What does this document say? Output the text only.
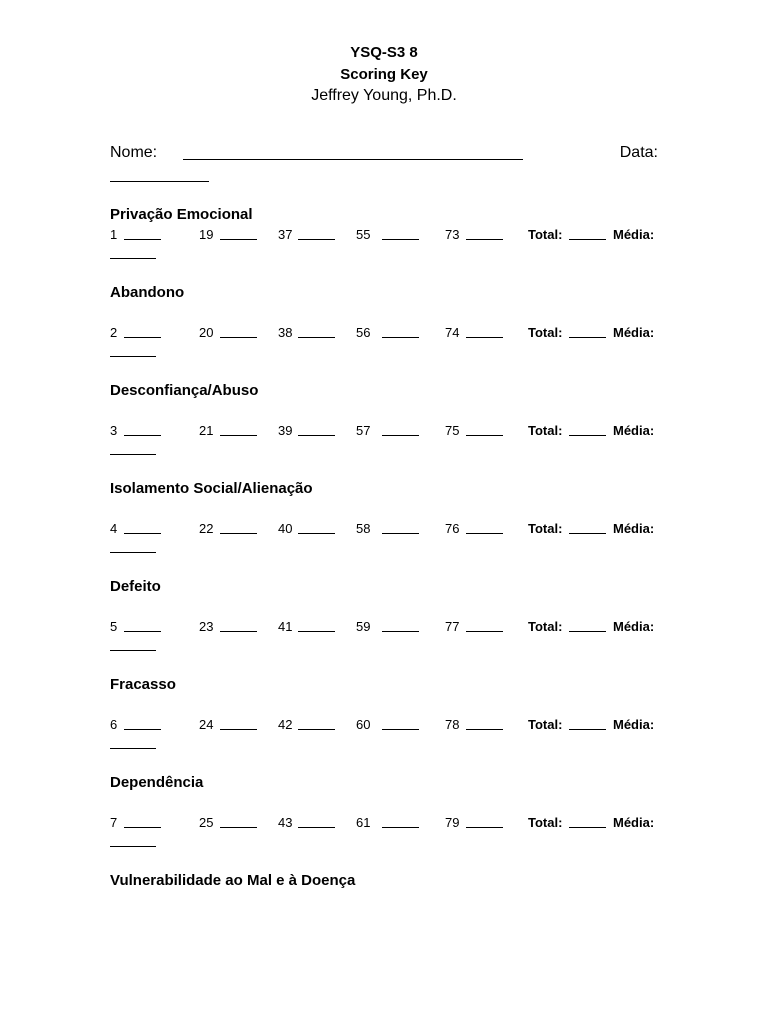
YSQ-S3 8
Scoring Key
Jeffrey Young, Ph.D.
Nome:	Data:
Privação Emocional
1	19	37	55	73	Total:	Média:
Abandono
2	20	38	56	74	Total:	Média:
Desconfiança/Abuso
3	21	39	57	75	Total:	Média:
Isolamento Social/Alienação
4	22	40	58	76	Total:	Média:
Defeito
5	23	41	59	77	Total:	Média:
Fracasso
6	24	42	60	78	Total:	Média:
Dependência
7	25	43	61	79	Total:	Média:
Vulnerabilidade ao Mal e à Doença
